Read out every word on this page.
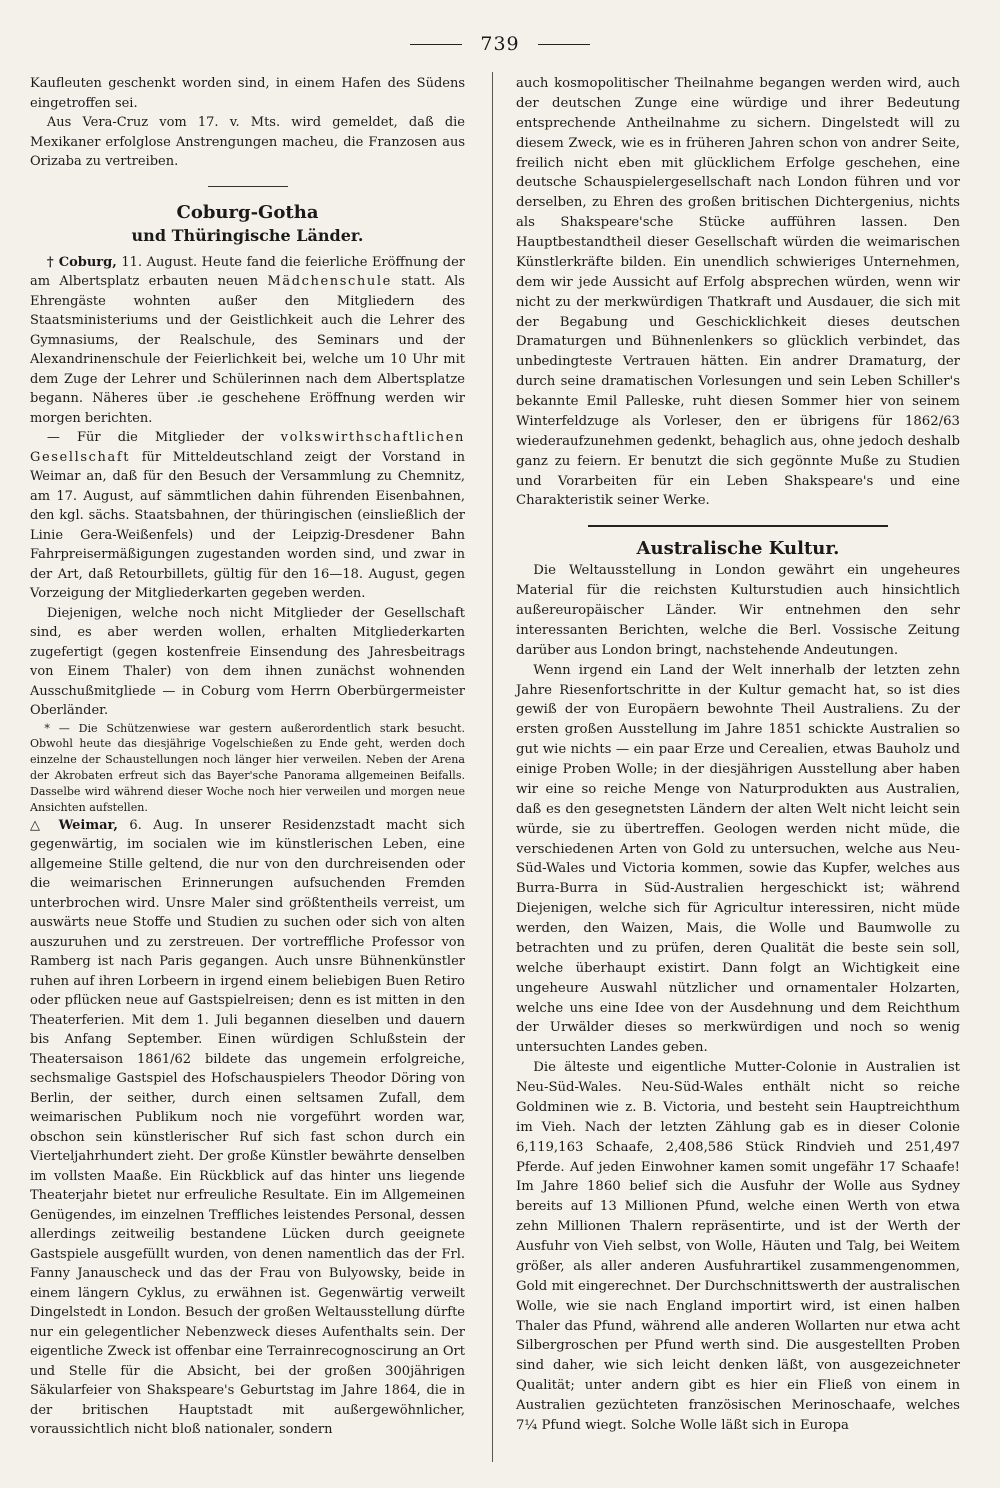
739

Kaufleuten geschenkt worden sind, in einem Hafen des Südens eingetroffen sei.

Aus Vera-Cruz vom 17. v. Mts. wird gemeldet, daß die Mexikaner erfolglose Anstrengungen macheu, die Franzosen aus Orizaba zu vertreiben.

Coburg-Gotha
und Thüringische Länder.

† Coburg, 11. August. Heute fand die feierliche Eröffnung der am Albertsplatz erbauten neuen Mädchenschule statt. Als Ehrengäste wohnten außer den Mitgliedern des Staatsministeriums und der Geistlichkeit auch die Lehrer des Gymnasiums, der Realschule, des Seminars und der Alexandrinenschule der Feierlichkeit bei, welche um 10 Uhr mit dem Zuge der Lehrer und Schülerinnen nach dem Albertsplatze begann. Näheres über .ie geschehene Eröffnung werden wir morgen berichten.

— Für die Mitglieder der volkswirthschaftlichen Gesellschaft für Mitteldeutschland zeigt der Vorstand in Weimar an, daß für den Besuch der Versammlung zu Chemnitz, am 17. August, auf sämmtlichen dahin führenden Eisenbahnen, den kgl. sächs. Staatsbahnen, der thüringischen (einsließlich der Linie Gera-Weißenfels) und der Leipzig-Dresdener Bahn Fahrpreisermäßigungen zugestanden worden sind, und zwar in der Art, daß Retourbillets, gültig für den 16—18. August, gegen Vorzeigung der Mitgliederkarten gegeben werden.

Diejenigen, welche noch nicht Mitglieder der Gesellschaft sind, es aber werden wollen, erhalten Mitgliederkarten zugefertigt (gegen kostenfreie Einsendung des Jahresbeitrags von Einem Thaler) von dem ihnen zunächst wohnenden Ausschußmitgliede — in Coburg vom Herrn Oberbürgermeister Oberländer.

* — Die Schützenwiese war gestern außerordentlich stark besucht. Obwohl heute das diesjährige Vogelschießen zu Ende geht, werden doch einzelne der Schaustellungen noch länger hier verweilen. Neben der Arena der Akrobaten erfreut sich das Bayer'sche Panorama allgemeinen Beifalls. Dasselbe wird während dieser Woche noch hier verweilen und morgen neue Ansichten aufstellen.

△ Weimar, 6. Aug. In unserer Residenzstadt macht sich gegenwärtig, im socialen wie im künstlerischen Leben, eine allgemeine Stille geltend, die nur von den durchreisenden oder die weimarischen Erinnerungen aufsuchenden Fremden unterbrochen wird. Unsre Maler sind größtentheils verreist, um auswärts neue Stoffe und Studien zu suchen oder sich von alten auszuruhen und zu zerstreuen. Der vortreffliche Professor von Ramberg ist nach Paris gegangen. Auch unsre Bühnenkünstler ruhen auf ihren Lorbeern in irgend einem beliebigen Buen Retiro oder pflücken neue auf Gastspielreisen; denn es ist mitten in den Theaterferien. Mit dem 1. Juli begannen dieselben und dauern bis Anfang September. Einen würdigen Schlußstein der Theatersaison 1861/62 bildete das ungemein erfolgreiche, sechsmalige Gastspiel des Hofschauspielers Theodor Döring von Berlin, der seither, durch einen seltsamen Zufall, dem weimarischen Publikum noch nie vorgeführt worden war, obschon sein künstlerischer Ruf sich fast schon durch ein Vierteljahrhundert zieht. Der große Künstler bewährte denselben im vollsten Maaße. Ein Rückblick auf das hinter uns liegende Theaterjahr bietet nur erfreuliche Resultate. Ein im Allgemeinen Genügendes, im einzelnen Treffliches leistendes Personal, dessen allerdings zeitweilig bestandene Lücken durch geeignete Gastspiele ausgefüllt wurden, von denen namentlich das der Frl. Fanny Janauscheck und das der Frau von Bulyowsky, beide in einem längern Cyklus, zu erwähnen ist. Gegenwärtig verweilt Dingelstedt in London. Besuch der großen Weltausstellung dürfte nur ein gelegentlicher Nebenzweck dieses Aufenthalts sein. Der eigentliche Zweck ist offenbar eine Terrainrecognoscirung an Ort und Stelle für die Absicht, bei der großen 300jährigen Säkularfeier von Shakspeare's Geburtstag im Jahre 1864, die in der britischen Hauptstadt mit außergewöhnlicher, voraussichtlich nicht bloß nationaler, sondern

auch kosmopolitischer Theilnahme begangen werden wird, auch der deutschen Zunge eine würdige und ihrer Bedeutung entsprechende Antheilnahme zu sichern. Dingelstedt will zu diesem Zweck, wie es in früheren Jahren schon von andrer Seite, freilich nicht eben mit glücklichem Erfolge geschehen, eine deutsche Schauspielergesellschaft nach London führen und vor derselben, zu Ehren des großen britischen Dichtergenius, nichts als Shakspeare'sche Stücke aufführen lassen. Den Hauptbestandtheil dieser Gesellschaft würden die weimarischen Künstlerkräfte bilden. Ein unendlich schwieriges Unternehmen, dem wir jede Aussicht auf Erfolg absprechen würden, wenn wir nicht zu der merkwürdigen Thatkraft und Ausdauer, die sich mit der Begabung und Geschicklichkeit dieses deutschen Dramaturgen und Bühnenlenkers so glücklich verbindet, das unbedingteste Vertrauen hätten. Ein andrer Dramaturg, der durch seine dramatischen Vorlesungen und sein Leben Schiller's bekannte Emil Palleske, ruht diesen Sommer hier von seinem Winterfeldzuge als Vorleser, den er übrigens für 1862/63 wiederaufzunehmen gedenkt, behaglich aus, ohne jedoch deshalb ganz zu feiern. Er benutzt die sich gegönnte Muße zu Studien und Vorarbeiten für ein Leben Shakspeare's und eine Charakteristik seiner Werke.

Australische Kultur.

Die Weltausstellung in London gewährt ein ungeheures Material für die reichsten Kulturstudien auch hinsichtlich außereuropäischer Länder. Wir entnehmen den sehr interessanten Berichten, welche die Berl. Vossische Zeitung darüber aus London bringt, nachstehende Andeutungen.

Wenn irgend ein Land der Welt innerhalb der letzten zehn Jahre Riesenfortschritte in der Kultur gemacht hat, so ist dies gewiß der von Europäern bewohnte Theil Australiens. Zu der ersten großen Ausstellung im Jahre 1851 schickte Australien so gut wie nichts — ein paar Erze und Cerealien, etwas Bauholz und einige Proben Wolle; in der diesjährigen Ausstellung aber haben wir eine so reiche Menge von Naturprodukten aus Australien, daß es den gesegnetsten Ländern der alten Welt nicht leicht sein würde, sie zu übertreffen. Geologen werden nicht müde, die verschiedenen Arten von Gold zu untersuchen, welche aus Neu-Süd-Wales und Victoria kommen, sowie das Kupfer, welches aus Burra-Burra in Süd-Australien hergeschickt ist; während Diejenigen, welche sich für Agricultur interessiren, nicht müde werden, den Waizen, Mais, die Wolle und Baumwolle zu betrachten und zu prüfen, deren Qualität die beste sein soll, welche überhaupt existirt. Dann folgt an Wichtigkeit eine ungeheure Auswahl nützlicher und ornamentaler Holzarten, welche uns eine Idee von der Ausdehnung und dem Reichthum der Urwälder dieses so merkwürdigen und noch so wenig untersuchten Landes geben.

Die älteste und eigentliche Mutter-Colonie in Australien ist Neu-Süd-Wales. Neu-Süd-Wales enthält nicht so reiche Goldminen wie z. B. Victoria, und besteht sein Hauptreichthum im Vieh. Nach der letzten Zählung gab es in dieser Colonie 6,119,163 Schaafe, 2,408,586 Stück Rindvieh und 251,497 Pferde. Auf jeden Einwohner kamen somit ungefähr 17 Schaafe! Im Jahre 1860 belief sich die Ausfuhr der Wolle aus Sydney bereits auf 13 Millionen Pfund, welche einen Werth von etwa zehn Millionen Thalern repräsentirte, und ist der Werth der Ausfuhr von Vieh selbst, von Wolle, Häuten und Talg, bei Weitem größer, als aller anderen Ausfuhrartikel zusammengenommen, Gold mit eingerechnet. Der Durchschnittswerth der australischen Wolle, wie sie nach England importirt wird, ist einen halben Thaler das Pfund, während alle anderen Wollarten nur etwa acht Silbergroschen per Pfund werth sind. Die ausgestellten Proben sind daher, wie sich leicht denken läßt, von ausgezeichneter Qualität; unter andern gibt es hier ein Fließ von einem in Australien gezüchteten französischen Merinoschaafe, welches 7¼ Pfund wiegt. Solche Wolle läßt sich in Europa
